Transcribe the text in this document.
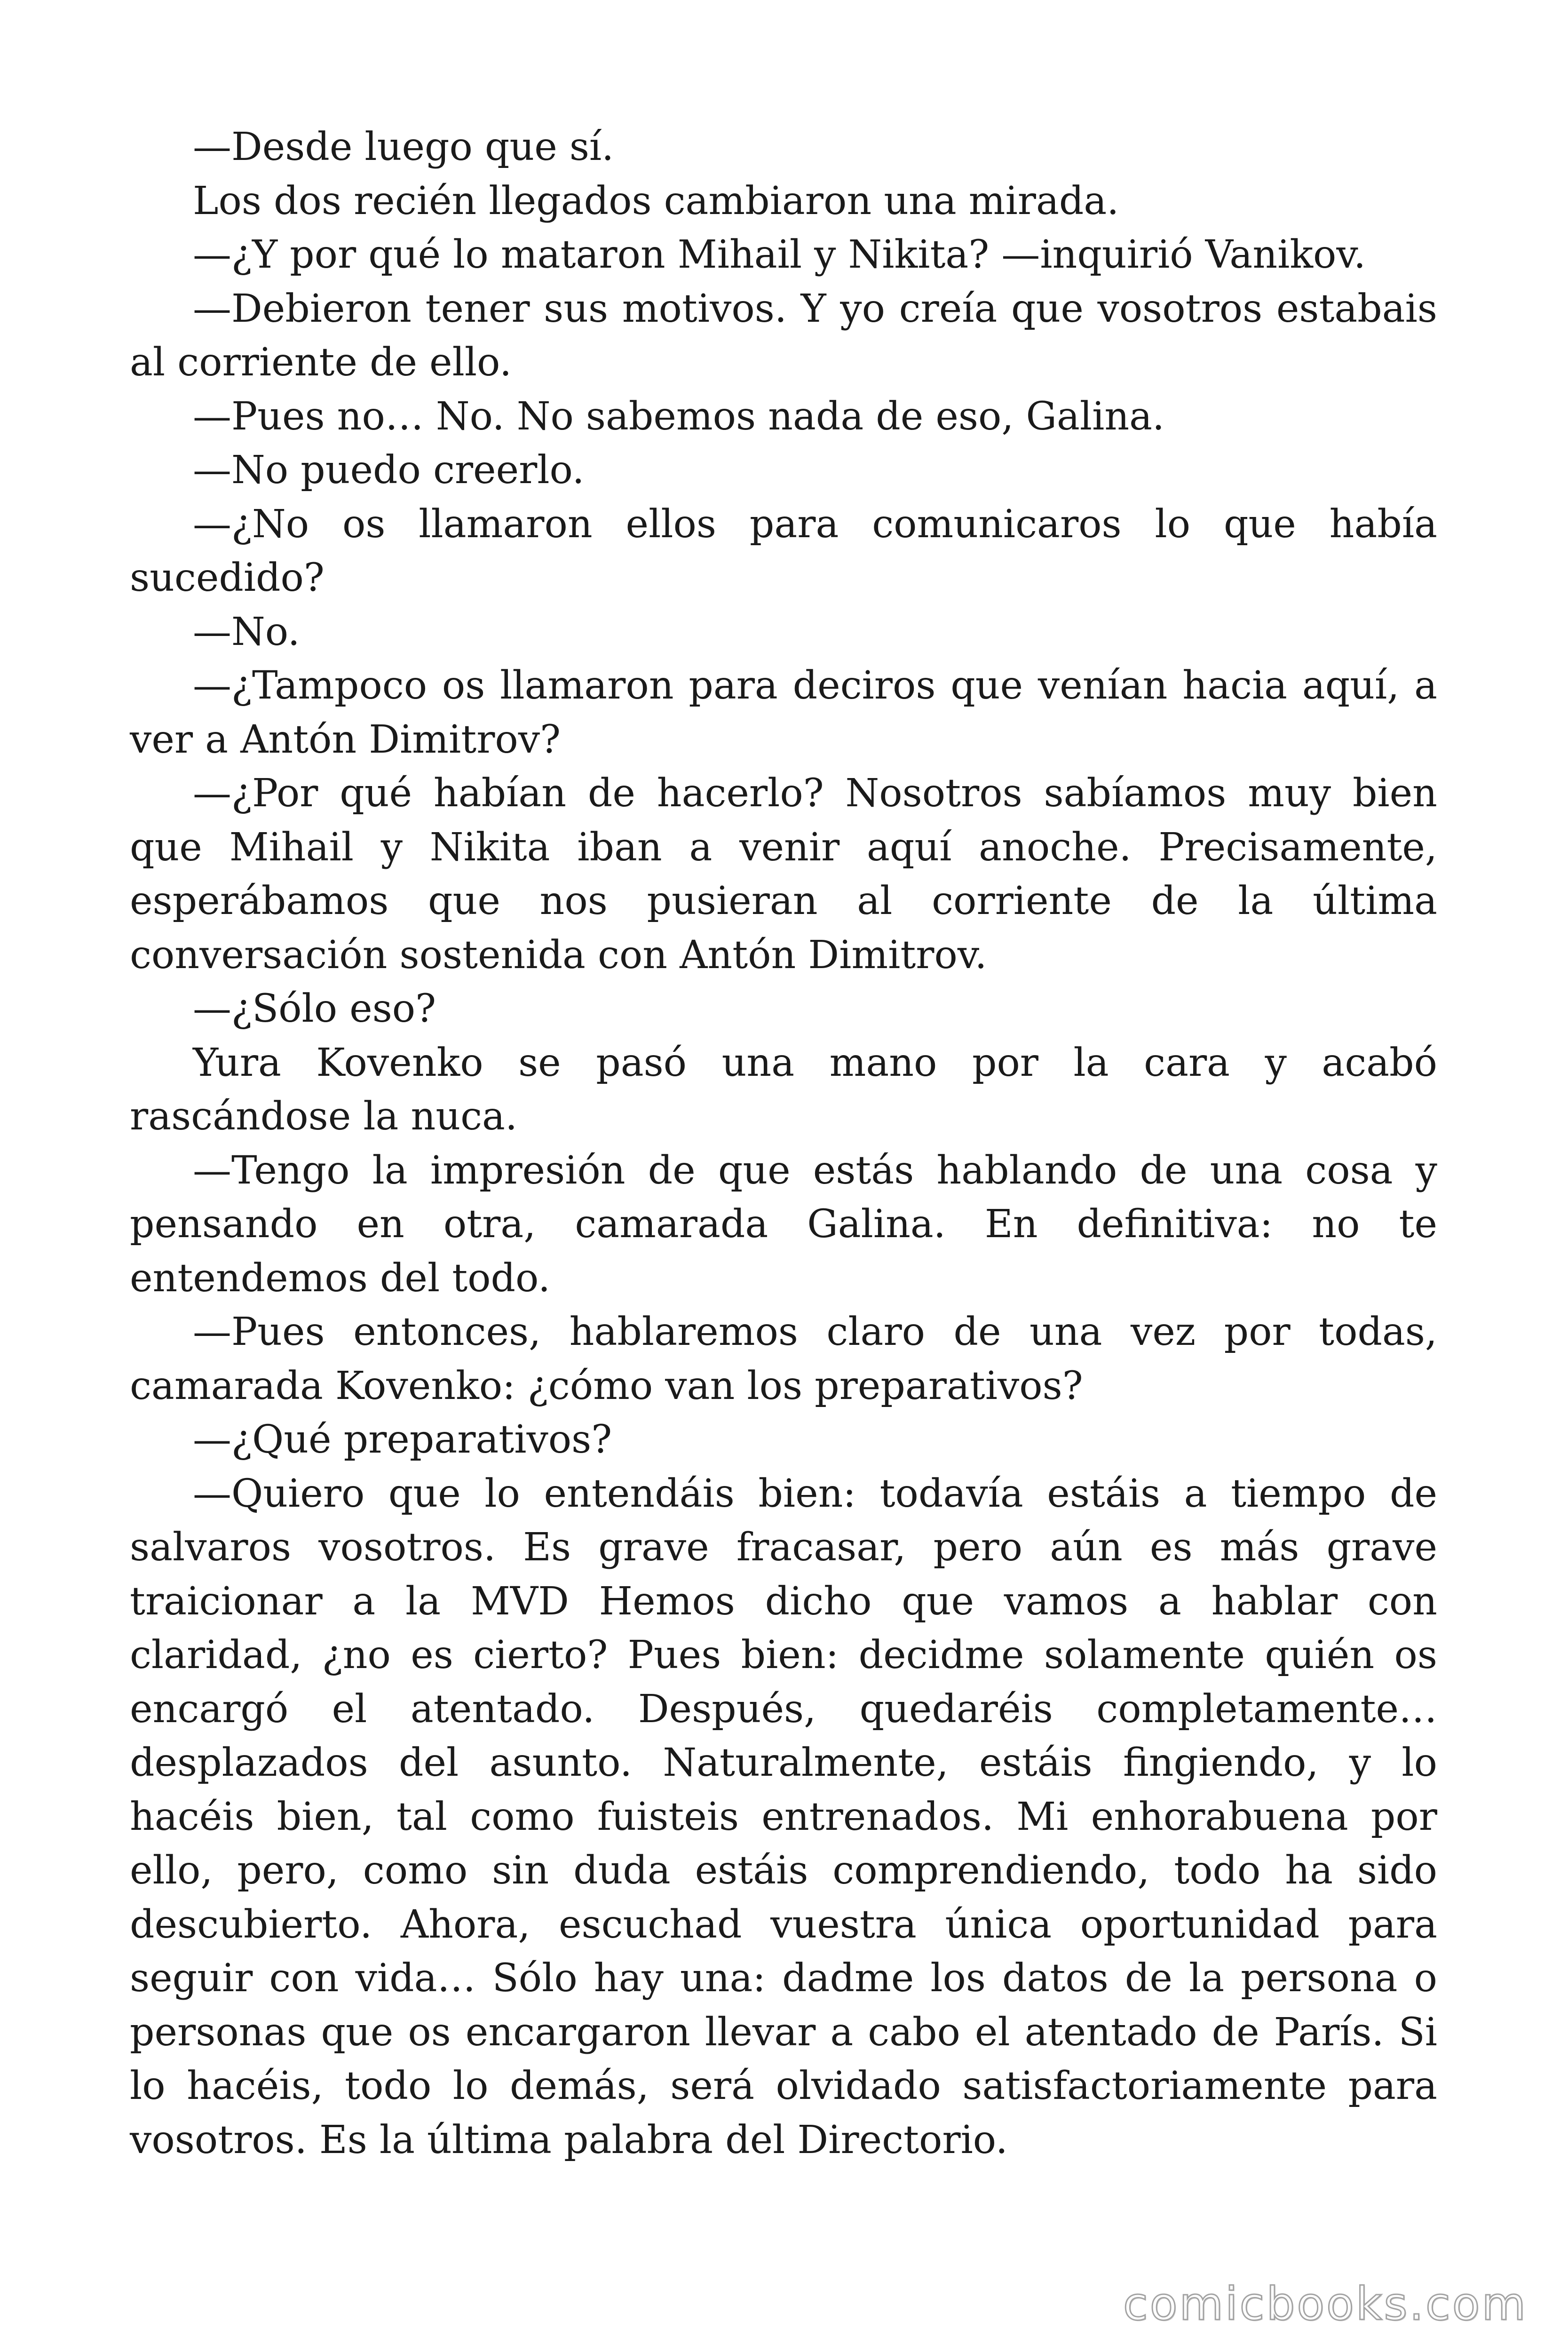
—Desde luego que sí.

Los dos recién llegados cambiaron una mirada.

—¿Y por qué lo mataron Mihail y Nikita? —inquirió Vanikov.

—Debieron tener sus motivos. Y yo creía que vosotros estabais al corriente de ello.

—Pues no… No. No sabemos nada de eso, Galina.

—No puedo creerlo.

—¿No os llamaron ellos para comunicaros lo que había sucedido?

—No.

—¿Tampoco os llamaron para deciros que venían hacia aquí, a ver a Antón Dimitrov?

—¿Por qué habían de hacerlo? Nosotros sabíamos muy bien que Mihail y Nikita iban a venir aquí anoche. Precisamente, esperábamos que nos pusieran al corriente de la última conversación sostenida con Antón Dimitrov.

—¿Sólo eso?

Yura Kovenko se pasó una mano por la cara y acabó rascándose la nuca.

—Tengo la impresión de que estás hablando de una cosa y pensando en otra, camarada Galina. En definitiva: no te entendemos del todo.

—Pues entonces, hablaremos claro de una vez por todas, camarada Kovenko: ¿cómo van los preparativos?

—¿Qué preparativos?

—Quiero que lo entendáis bien: todavía estáis a tiempo de salvaros vosotros. Es grave fracasar, pero aún es más grave traicionar a la MVD Hemos dicho que vamos a hablar con claridad, ¿no es cierto? Pues bien: decidme solamente quién os encargó el atentado. Después, quedaréis completamente… desplazados del asunto. Naturalmente, estáis fingiendo, y lo hacéis bien, tal como fuisteis entrenados. Mi enhorabuena por ello, pero, como sin duda estáis comprendiendo, todo ha sido descubierto. Ahora, escuchad vuestra única oportunidad para seguir con vida… Sólo hay una: dadme los datos de la persona o personas que os encargaron llevar a cabo el atentado de París. Si lo hacéis, todo lo demás, será olvidado satisfactoriamente para vosotros. Es la última palabra del Directorio.

comicbooks.com
